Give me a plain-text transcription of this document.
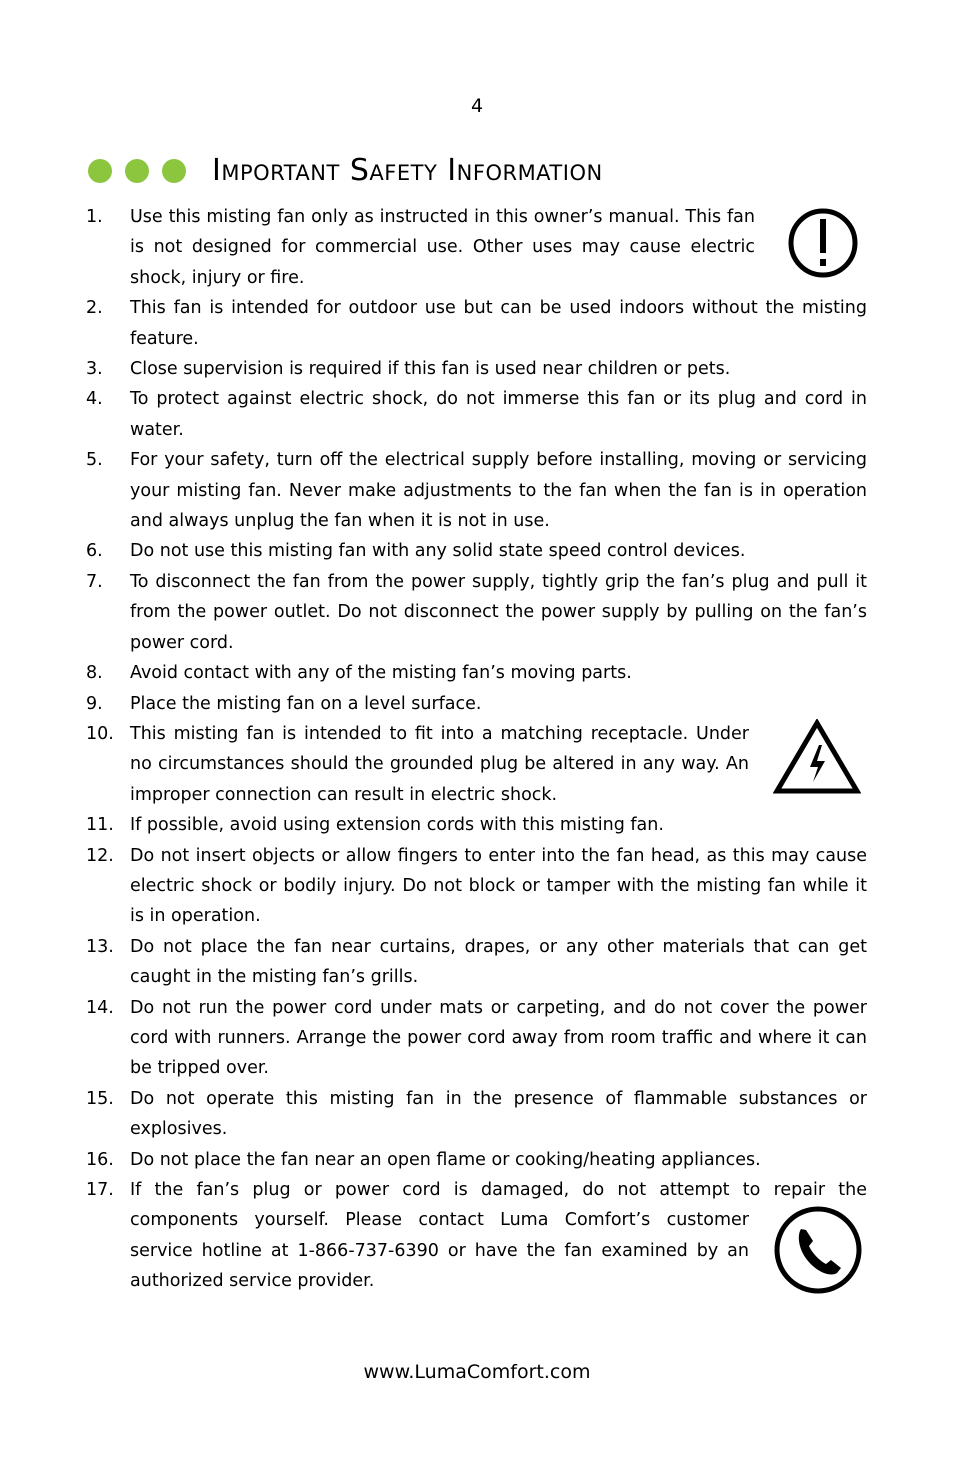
4
Important Safety Information
1.	Use this misting fan only as instructed in this owner’s manual. This fan is not designed for commercial use. Other uses may cause electric shock, injury or fire.
2.	This fan is intended for outdoor use but can be used indoors without the misting feature.
3.	Close supervision is required if this fan is used near children or pets.
4.	To protect against electric shock, do not immerse this fan or its plug and cord in water.
5.	For your safety, turn off the electrical supply before installing, moving or servicing your misting fan. Never make adjustments to the fan when the fan is in operation and always unplug the fan when it is not in use.
6.	Do not use this misting fan with any solid state speed control devices.
7.	To disconnect the fan from the power supply, tightly grip the fan’s plug and pull it from the power outlet. Do not disconnect the power supply by pulling on the fan’s power cord.
8.	Avoid contact with any of the misting fan’s moving parts.
9.	Place the misting fan on a level surface.
10. This misting fan is intended to fit into a matching receptacle. Under no circumstances should the grounded plug be altered in any way. An improper connection can result in electric shock.
11. If possible, avoid using extension cords with this misting fan.
12. Do not insert objects or allow fingers to enter into the fan head, as this may cause electric shock or bodily injury. Do not block or tamper with the misting fan while it is in operation.
13. Do not place the fan near curtains, drapes, or any other materials that can get caught in the misting fan’s grills.
14. Do not run the power cord under mats or carpeting, and do not cover the power cord with runners. Arrange the power cord away from room traffic and where it can be tripped over.
15. Do not operate this misting fan in the presence of flammable substances or explosives.
16. Do not place the fan near an open flame or cooking/heating appliances.
17. If the fan’s plug or power cord is damaged, do not attempt to repair the
components yourself. Please contact Luma Comfort’s customer service hotline at 1-866-737-6390 or have the fan examined by an authorized service provider.
www.LumaComfort.com
